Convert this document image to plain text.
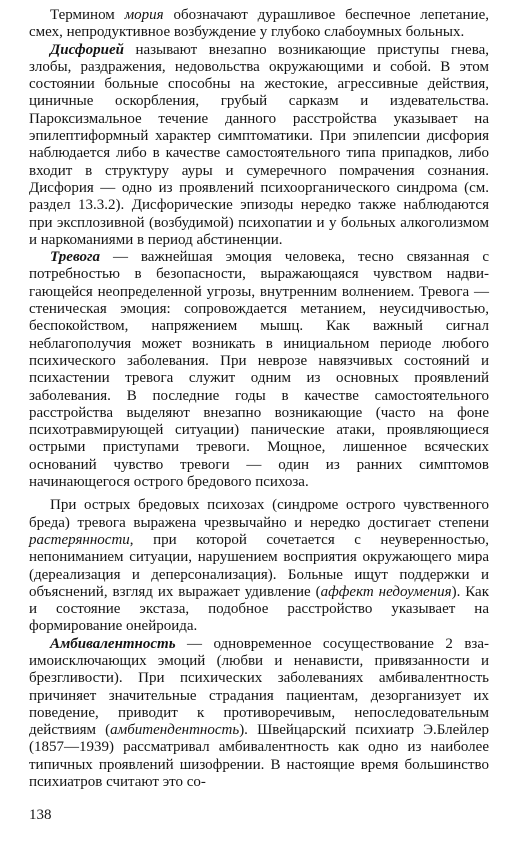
Термином мория обозначают дурашливое беспечное лепетание, смех, непродуктивное возбуждение у глубоко слабоумных больных.

Дисфорией называют внезапно возникающие приступы гнева, злобы, раздражения, недовольства окружающими и собой. В этом состоянии больные способны на жестокие, агрессивные действия, циничные оскорбления, грубый сарказм и издевательства. Пароксизмальное течение данного расстройства указывает на эпилептиформный характер симптоматики. При эпилепсии дисфория наблюдается либо в качестве самостоятельного типа припадков, либо входит в структуру ауры и сумеречного помрачения сознания. Дисфория — одно из проявлений психоорганического синдрома (см. раздел 13.3.2). Дисфорические эпизоды нередко также наблюдаются при эксплозивной (возбудимой) психопатии и у больных алкоголизмом и наркоманиями в период абстиненции.

Тревога — важнейшая эмоция человека, тесно связанная с потребностью в безопасности, выражающаяся чувством надвигающейся неопределенной угрозы, внутренним волнением. Тревога — стеническая эмоция: сопровождается метанием, неусидчивостью, беспокойством, напряжением мышц. Как важный сигнал неблагополучия может возникать в инициальном периоде любого психического заболевания. При неврозе навязчивых состояний и психастении тревога служит одним из основных проявлений заболевания. В последние годы в качестве самостоятельного расстройства выделяют внезапно возникающие (часто на фоне психотравмирующей ситуации) панические атаки, проявляющиеся острыми приступами тревоги. Мощное, лишенное всяческих оснований чувство тревоги — один из ранних симптомов начинающегося острого бредового психоза.

При острых бредовых психозах (синдроме острого чувственного бреда) тревога выражена чрезвычайно и нередко достигает степени растерянности, при которой сочетается с неуверенностью, непониманием ситуации, нарушением восприятия окружающего мира (дереализация и деперсонализация). Больные ищут поддержки и объяснений, взгляд их выражает удивление (аффект недоумения). Как и состояние экстаза, подобное расстройство указывает на формирование онейроида.

Амбивалентность — одновременное сосуществование 2 взаимоисключающих эмоций (любви и ненависти, привязанности и брезгливости). При психических заболеваниях амбивалентность причиняет значительные страдания пациентам, дезорганизует их поведение, приводит к противоречивым, непоследовательным действиям (амбитендентность). Швейцарский психиатр Э.Блейлер (1857—1939) рассматривал амбивалентность как одно из наиболее типичных проявлений шизофрении. В настоящие время большинство психиатров считают это со-

138
